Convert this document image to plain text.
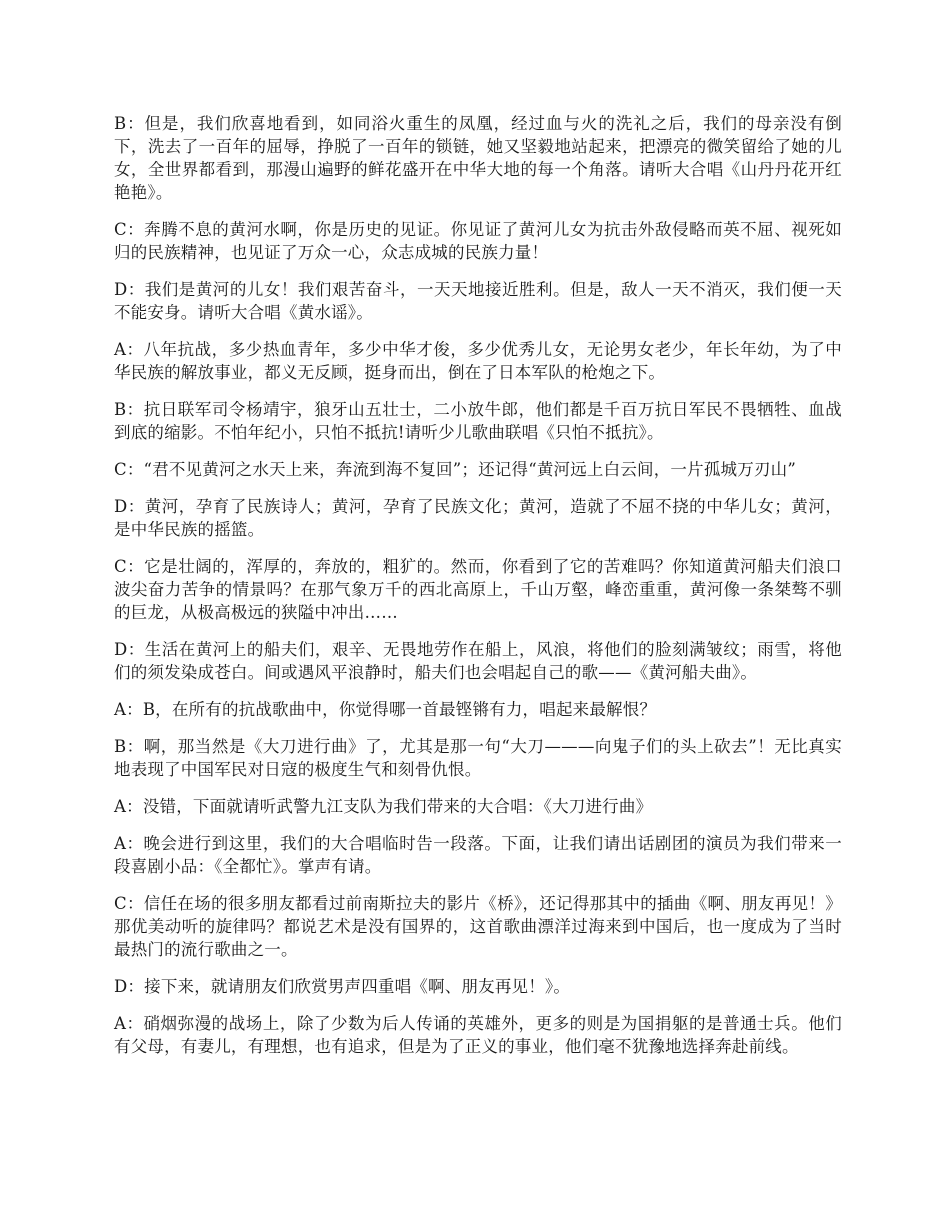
B：但是，我们欣喜地看到，如同浴火重生的凤凰，经过血与火的洗礼之后，我们的母亲没有倒下，洗去了一百年的屈辱，挣脱了一百年的锁链，她又坚毅地站起来，把漂亮的微笑留给了她的儿女，全世界都看到，那漫山遍野的鲜花盛开在中华大地的每一个角落。请听大合唱《山丹丹花开红艳艳》。

C：奔腾不息的黄河水啊，你是历史的见证。你见证了黄河儿女为抗击外敌侵略而英不屈、视死如归的民族精神，也见证了万众一心，众志成城的民族力量！

D：我们是黄河的儿女！我们艰苦奋斗，一天天地接近胜利。但是，敌人一天不消灭，我们便一天不能安身。请听大合唱《黄水谣》。

A：八年抗战，多少热血青年，多少中华才俊，多少优秀儿女，无论男女老少，年长年幼，为了中华民族的解放事业，都义无反顾，挺身而出，倒在了日本军队的枪炮之下。

B：抗日联军司令杨靖宇，狼牙山五壮士，二小放牛郎，他们都是千百万抗日军民不畏牺牲、血战到底的缩影。不怕年纪小，只怕不抵抗!请听少儿歌曲联唱《只怕不抵抗》。

C：“君不见黄河之水天上来，奔流到海不复回”；还记得“黄河远上白云间，一片孤城万刃山”

D：黄河，孕育了民族诗人；黄河，孕育了民族文化；黄河，造就了不屈不挠的中华儿女；黄河，是中华民族的摇篮。

C：它是壮阔的，浑厚的，奔放的，粗犷的。然而，你看到了它的苦难吗？你知道黄河船夫们浪口波尖奋力苦争的情景吗？在那气象万千的西北高原上，千山万壑，峰峦重重，黄河像一条桀骜不驯的巨龙，从极高极远的狭隘中冲出……

D：生活在黄河上的船夫们，艰辛、无畏地劳作在船上，风浪，将他们的脸刻满皱纹；雨雪，将他们的须发染成苍白。间或遇风平浪静时，船夫们也会唱起自己的歌——《黄河船夫曲》。

A：B，在所有的抗战歌曲中，你觉得哪一首最铿锵有力，唱起来最解恨？

B：啊，那当然是《大刀进行曲》了，尤其是那一句“大刀———向鬼子们的头上砍去”！无比真实地表现了中国军民对日寇的极度生气和刻骨仇恨。

A：没错，下面就请听武警九江支队为我们带来的大合唱：《大刀进行曲》

A：晚会进行到这里，我们的大合唱临时告一段落。下面，让我们请出话剧团的演员为我们带来一段喜剧小品：《全都忙》。掌声有请。

C：信任在场的很多朋友都看过前南斯拉夫的影片《桥》，还记得那其中的插曲《啊、朋友再见！》那优美动听的旋律吗？都说艺术是没有国界的，这首歌曲漂洋过海来到中国后，也一度成为了当时最热门的流行歌曲之一。

D：接下来，就请朋友们欣赏男声四重唱《啊、朋友再见！》。

A：硝烟弥漫的战场上，除了少数为后人传诵的英雄外，更多的则是为国捐躯的是普通士兵。他们有父母，有妻儿，有理想，也有追求，但是为了正义的事业，他们毫不犹豫地选择奔赴前线。
